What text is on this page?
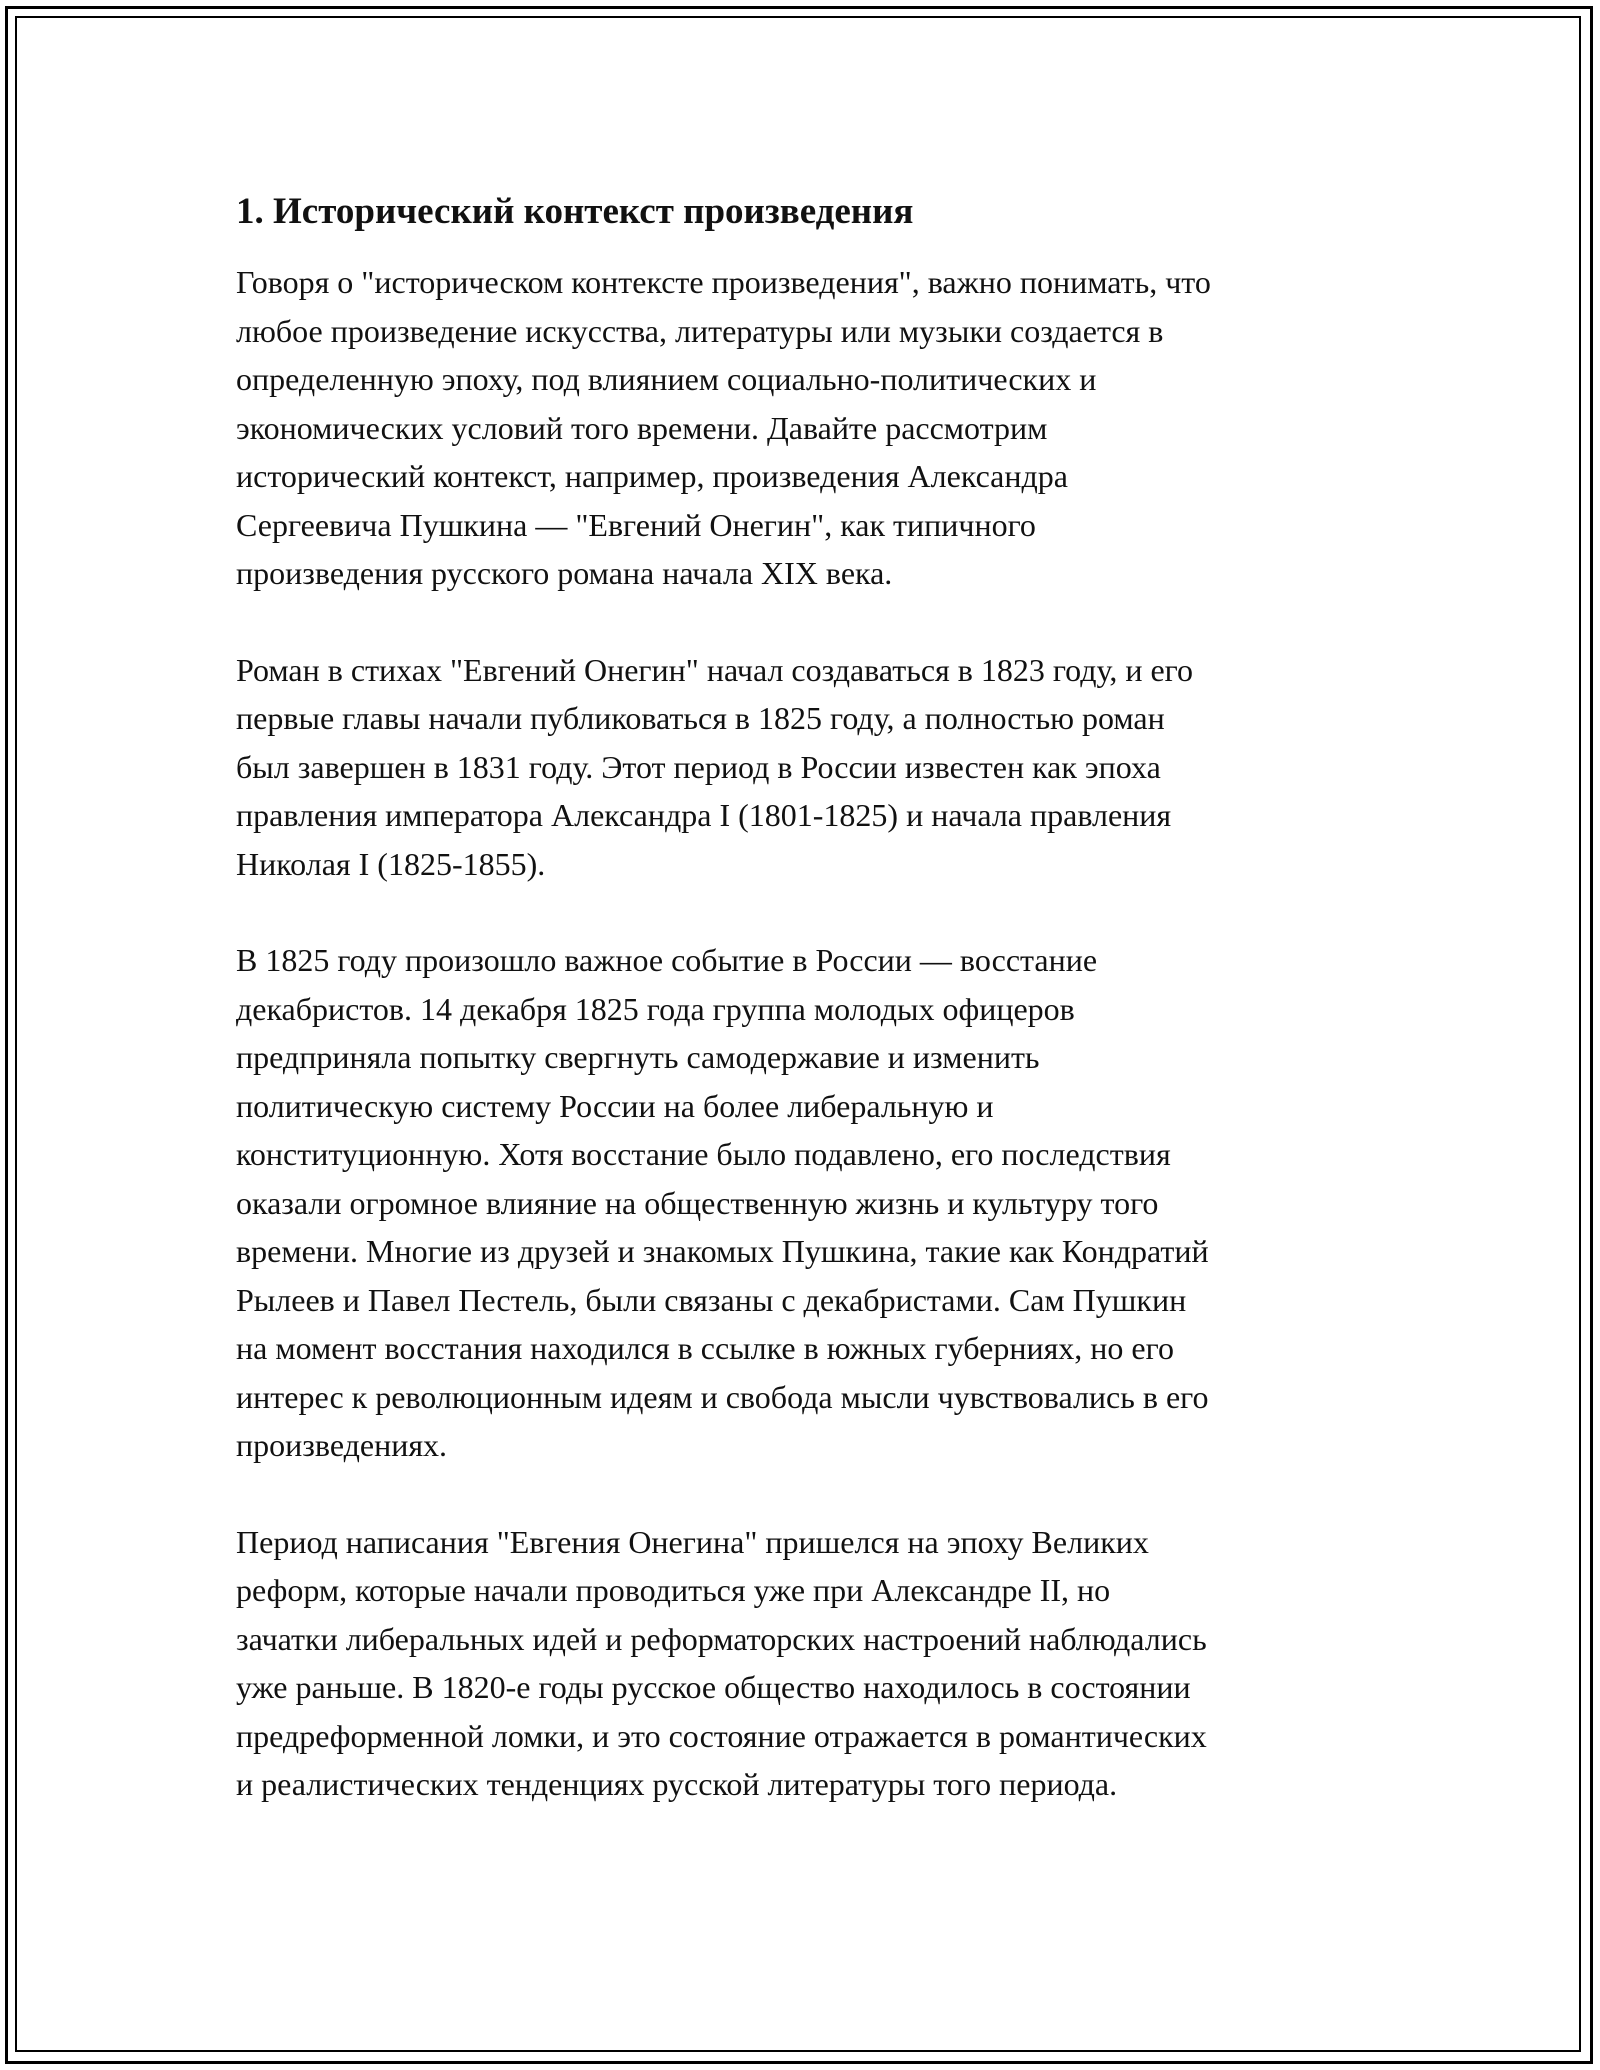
1. Исторический контекст произведения

Говоря о "историческом контексте произведения", важно понимать, что
любое произведение искусства, литературы или музыки создается в
определенную эпоху, под влиянием социально-политических и
экономических условий того времени. Давайте рассмотрим
исторический контекст, например, произведения Александра
Сергеевича Пушкина — "Евгений Онегин", как типичного
произведения русского романа начала XIX века.

Роман в стихах "Евгений Онегин" начал создаваться в 1823 году, и его
первые главы начали публиковаться в 1825 году, а полностью роман
был завершен в 1831 году. Этот период в России известен как эпоха
правления императора Александра I (1801-1825) и начала правления
Николая I (1825-1855).

В 1825 году произошло важное событие в России — восстание
декабристов. 14 декабря 1825 года группа молодых офицеров
предприняла попытку свергнуть самодержавие и изменить
политическую систему России на более либеральную и
конституционную. Хотя восстание было подавлено, его последствия
оказали огромное влияние на общественную жизнь и культуру того
времени. Многие из друзей и знакомых Пушкина, такие как Кондратий
Рылеев и Павел Пестель, были связаны с декабристами. Сам Пушкин
на момент восстания находился в ссылке в южных губерниях, но его
интерес к революционным идеям и свобода мысли чувствовались в его
произведениях.

Период написания "Евгения Онегина" пришелся на эпоху Великих
реформ, которые начали проводиться уже при Александре II, но
зачатки либеральных идей и реформаторских настроений наблюдались
уже раньше. В 1820-е годы русское общество находилось в состоянии
предреформенной ломки, и это состояние отражается в романтических
и реалистических тенденциях русской литературы того периода.
